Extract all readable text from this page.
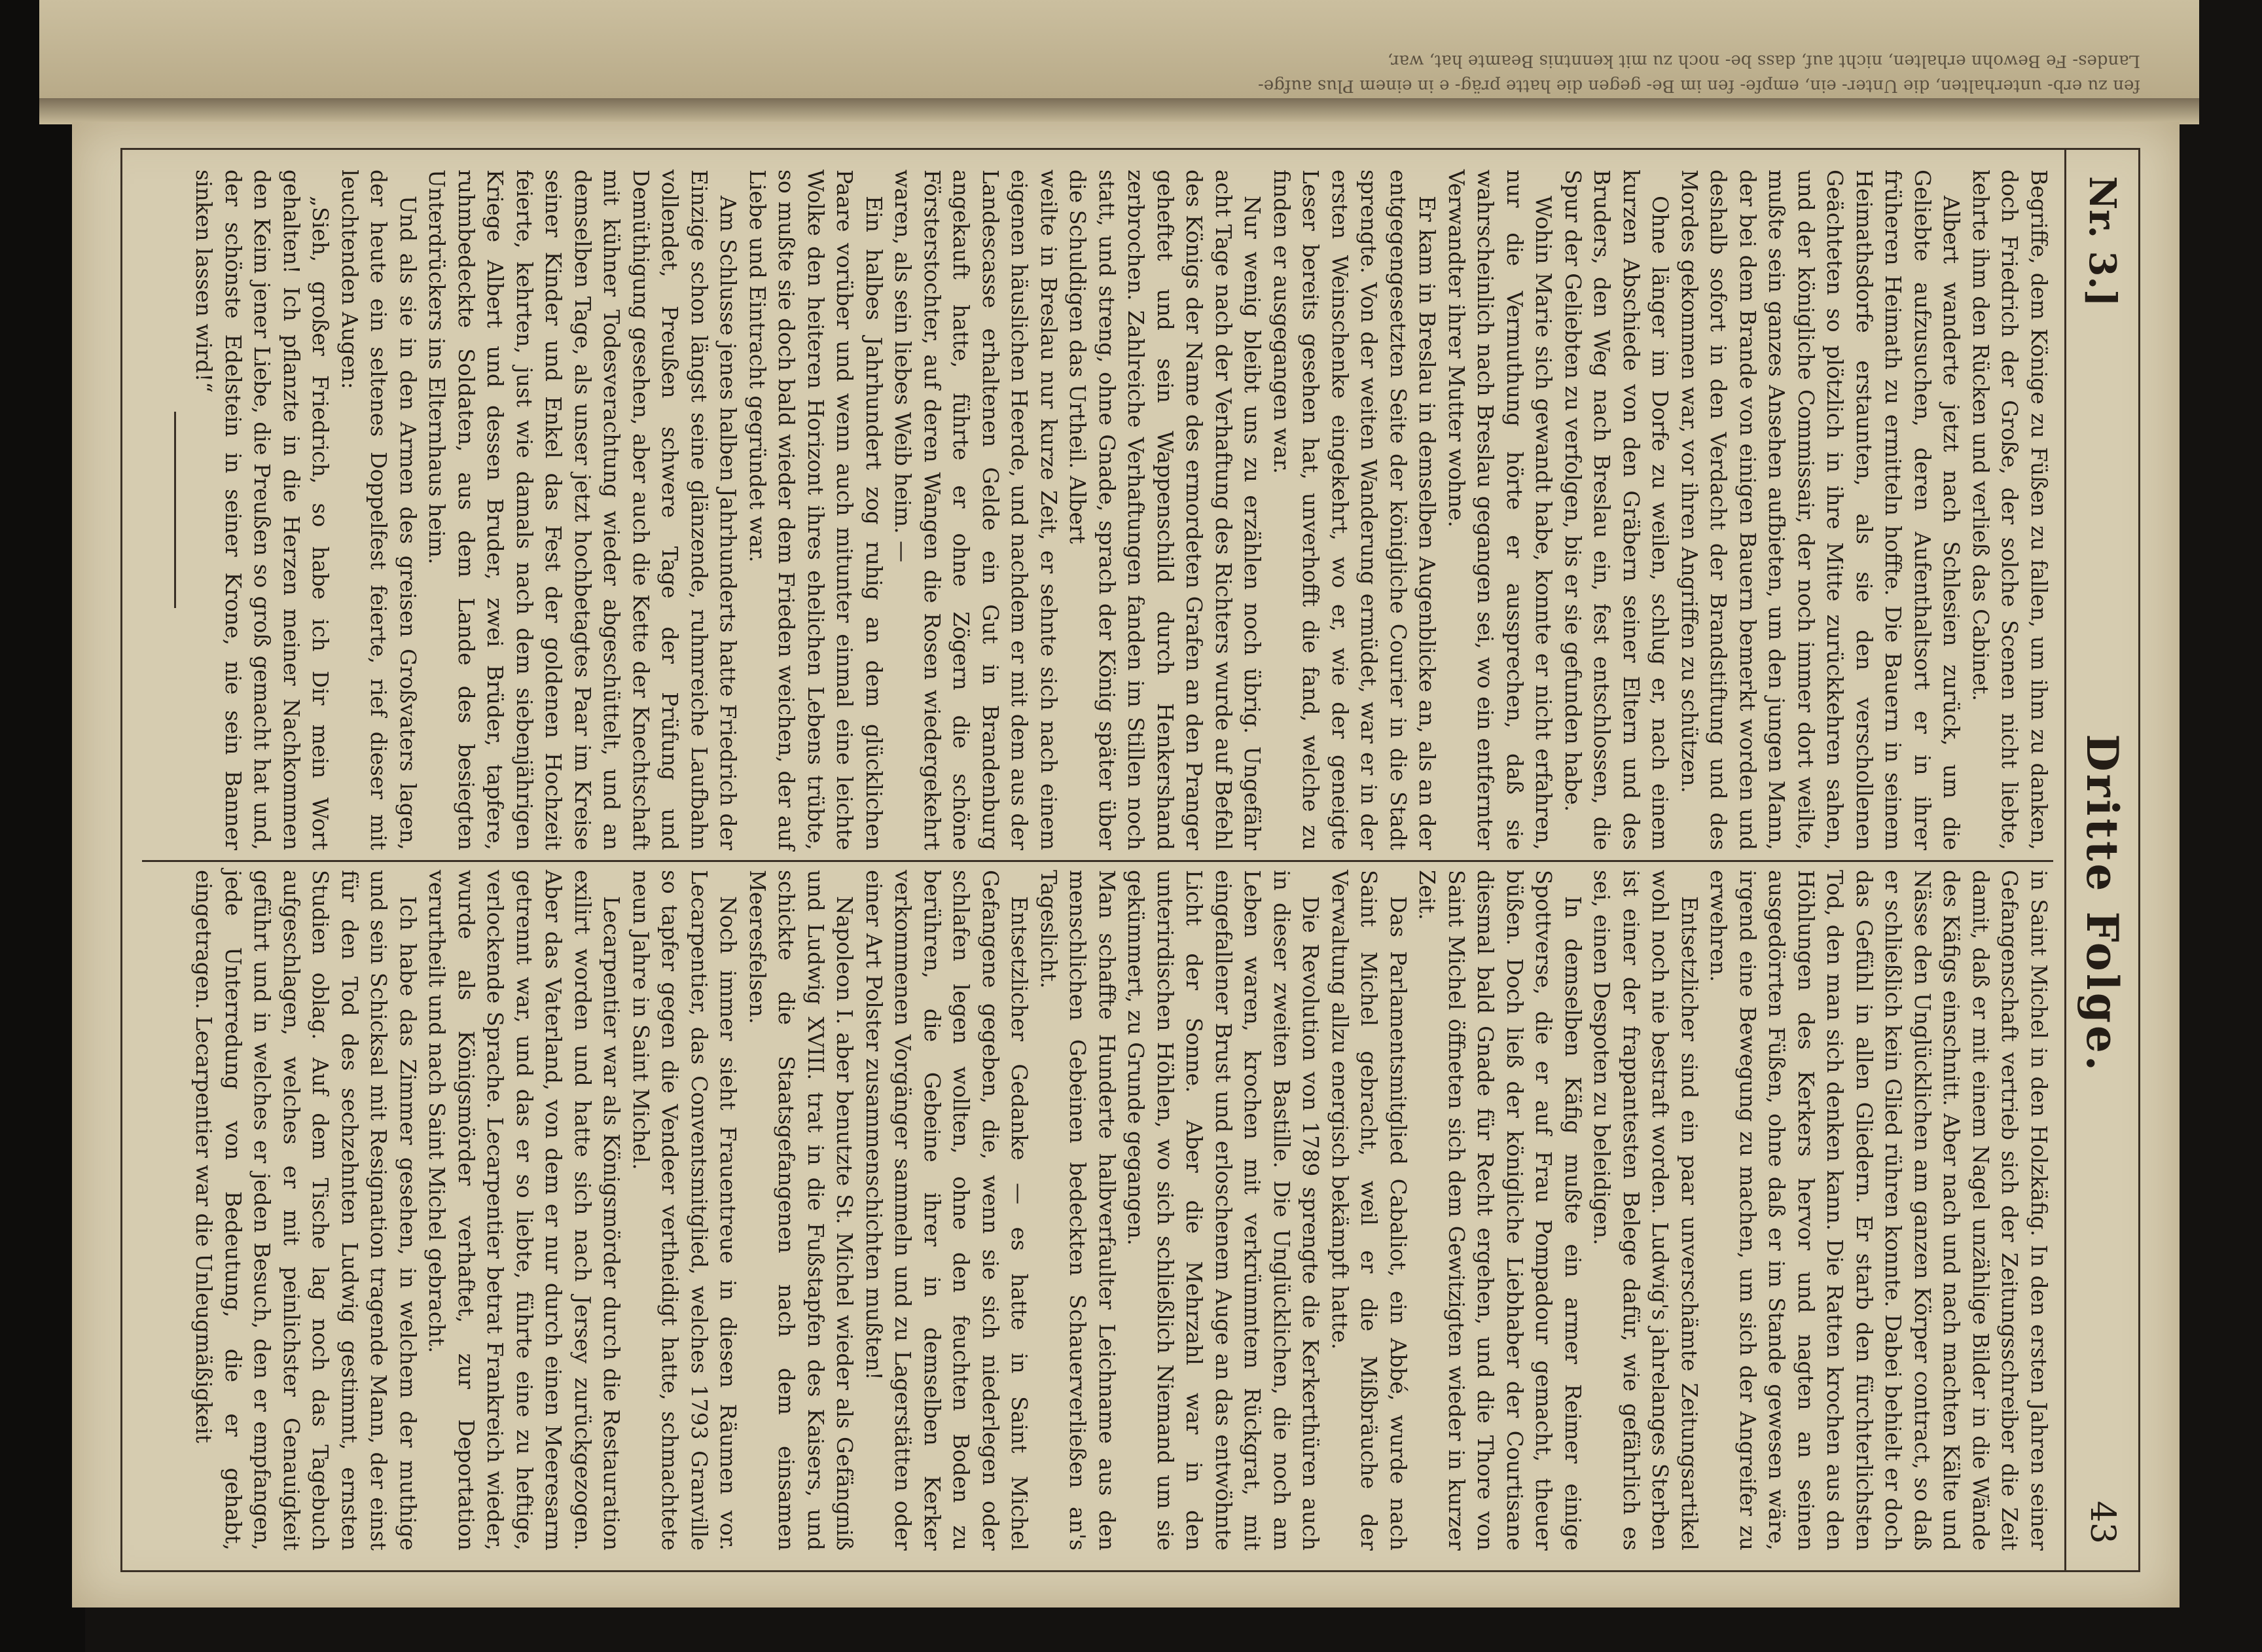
fen zu erb- unterhalten, die Unter- ein, empfe- fen im Be- gegen die hatte präg- e in einem Plus aufge-
Landes- Fe Bewohn erhalten, nicht auf, dass be- noch zu mit kenntnis Beamte hat, war,
Nr. 3.]
Dritte Folge.
43

Begriffe, dem Könige zu Füßen zu fallen, um ihm zu danken, doch Friedrich der Große, der solche Scenen nicht liebte, kehrte ihm den Rücken und verließ das Cabinet.

Albert wanderte jetzt nach Schlesien zurück, um die Geliebte aufzusuchen, deren Aufenthaltsort er in ihrer früheren Heimath zu ermitteln hoffte. Die Bauern in seinem Heimathsdorfe erstaunten, als sie den verschollenen Geächteten so plötzlich in ihre Mitte zurückkehren sahen, und der königliche Commissair, der noch immer dort weilte, mußte sein ganzes Ansehen aufbieten, um den jungen Mann, der bei dem Brande von einigen Bauern bemerkt worden und deshalb sofort in den Verdacht der Brandstiftung und des Mordes gekommen war, vor ihren Angriffen zu schützen.

Ohne länger im Dorfe zu weilen, schlug er, nach einem kurzen Abschiede von den Gräbern seiner Eltern und des Bruders, den Weg nach Breslau ein, fest entschlossen, die Spur der Geliebten zu verfolgen, bis er sie gefunden habe.

Wohin Marie sich gewandt habe, konnte er nicht erfahren, nur die Vermuthung hörte er aussprechen, daß sie wahrscheinlich nach Breslau gegangen sei, wo ein entfernter Verwandter ihrer Mutter wohne.

Er kam in Breslau in demselben Augenblicke an, als an der entgegengesetzten Seite der königliche Courier in die Stadt sprengte. Von der weiten Wanderung ermüdet, war er in der ersten Weinschenke eingekehrt, wo er, wie der geneigte Leser bereits gesehen hat, unverhofft die fand, welche zu finden er ausgegangen war.

Nur wenig bleibt uns zu erzählen noch übrig. Ungefähr acht Tage nach der Verhaftung des Richters wurde auf Befehl des Königs der Name des ermordeten Grafen an den Pranger geheftet und sein Wappenschild durch Henkershand zerbrochen. Zahlreiche Verhaftungen fanden im Stillen noch statt, und streng, ohne Gnade, sprach der König später über die Schuldigen das Urtheil. Albert

weilte in Breslau nur kurze Zeit, er sehnte sich nach einem eigenen häuslichen Heerde, und nachdem er mit dem aus der Landescasse erhaltenen Gelde ein Gut in Brandenburg angekauft hatte, führte er ohne Zögern die schöne Försterstochter, auf deren Wangen die Rosen wiedergekehrt waren, als sein liebes Weib heim. —

Ein halbes Jahrhundert zog ruhig an dem glücklichen Paare vorüber und wenn auch mitunter einmal eine leichte Wolke den heiteren Horizont ihres ehelichen Lebens trübte, so mußte sie doch bald wieder dem Frieden weichen, der auf Liebe und Eintracht gegründet war.

Am Schlusse jenes halben Jahrhunderts hatte Friedrich der Einzige schon längst seine glänzende, ruhmreiche Laufbahn vollendet, Preußen schwere Tage der Prüfung und Demüthigung gesehen, aber auch die Kette der Knechtschaft mit kühner Todesverachtung wieder abgeschüttelt, und an demselben Tage, als unser jetzt hochbetagtes Paar im Kreise seiner Kinder und Enkel das Fest der goldenen Hochzeit feierte, kehrten, just wie damals nach dem siebenjährigen Kriege Albert und dessen Bruder, zwei Brüder, tapfere, ruhmbedeckte Soldaten, aus dem Lande des besiegten Unterdrückers ins Elternhaus heim.

Und als sie in den Armen des greisen Großvaters lagen, der heute ein seltenes Doppelfest feierte, rief dieser mit leuchtenden Augen:

„Sieh, großer Friedrich, so habe ich Dir mein Wort gehalten! Ich pflanzte in die Herzen meiner Nachkommen den Keim jener Liebe, die Preußen so groß gemacht hat und, der schönste Edelstein in seiner Krone, nie sein Banner sinken lassen wird!“

in Saint Michel in den Holzkäfig. In den ersten Jahren seiner Gefangenschaft vertrieb sich der Zeitungsschreiber die Zeit damit, daß er mit einem Nagel unzählige Bilder in die Wände des Käfigs einschnitt. Aber nach und nach machten Kälte und Nässe den Unglücklichen am ganzen Körper contract, so daß er schließlich kein Glied rühren konnte. Dabei behielt er doch das Gefühl in allen Gliedern. Er starb den fürchterlichsten Tod, den man sich denken kann. Die Ratten krochen aus den Höhlungen des Kerkers hervor und nagten an seinen ausgedörrten Füßen, ohne daß er im Stande gewesen wäre, irgend eine Bewegung zu machen, um sich der Angreifer zu erwehren.

Entsetzlicher sind ein paar unverschämte Zeitungsartikel wohl noch nie bestraft worden. Ludwig's jahrelanges Sterben ist einer der frappantesten Belege dafür, wie gefährlich es sei, einen Despoten zu beleidigen.

In demselben Käfig mußte ein armer Reimer einige Spottverse, die er auf Frau Pompadour gemacht, theuer büßen. Doch ließ der königliche Liebhaber der Courtisane diesmal bald Gnade für Recht ergehen, und die Thore von Saint Michel öffneten sich dem Gewitzigten wieder in kurzer Zeit.

Das Parlamentsmitglied Cabaliot, ein Abbé, wurde nach Saint Michel gebracht, weil er die Mißbräuche der Verwaltung allzu energisch bekämpft hatte.

Die Revolution von 1789 sprengte die Kerkerthüren auch in dieser zweiten Bastille. Die Unglücklichen, die noch am Leben waren, krochen mit verkrümmtem Rückgrat, mit eingefallener Brust und erloschenem Auge an das entwöhnte Licht der Sonne. Aber die Mehrzahl war in den unterirdischen Höhlen, wo sich schließlich Niemand um sie gekümmert, zu Grunde gegangen.

Man schaffte Hunderte halbverfaulter Leichname aus den menschlichen Gebeinen bedeckten Schauerverließen an's Tageslicht.

Entsetzlicher Gedanke — es hatte in Saint Michel Gefangene gegeben, die, wenn sie sich niederlegen oder schlafen legen wollten, ohne den feuchten Boden zu berühren, die Gebeine ihrer in demselben Kerker verkommenen Vorgänger sammeln und zu Lagerstätten oder einer Art Polster zusammenschichten mußten!

Napoleon I. aber benutzte St. Michel wieder als Gefängniß und Ludwig XVIII. trat in die Fußstapfen des Kaisers, und schickte die Staatsgefangenen nach dem einsamen Meeresfelsen.

Noch immer sieht Frauentreue in diesen Räumen vor. Lecarpentier, das Conventsmitglied, welches 1793 Granville so tapfer gegen die Vendeer vertheidigt hatte, schmachtete neun Jahre in Saint Michel.

Lecarpentier war als Königsmörder durch die Restauration exilirt worden und hatte sich nach Jersey zurückgezogen. Aber das Vaterland, von dem er nur durch einen Meeresarm getrennt war, und das er so liebte, führte eine zu heftige, verlockende Sprache. Lecarpentier betrat Frankreich wieder, wurde als Königsmörder verhaftet, zur Deportation verurtheilt und nach Saint Michel gebracht.

Ich habe das Zimmer gesehen, in welchem der muthige und sein Schicksal mit Resignation tragende Mann, der einst für den Tod des sechzehnten Ludwig gestimmt, ernsten Studien oblag. Auf dem Tische lag noch das Tagebuch aufgeschlagen, welches er mit peinlichster Genauigkeit geführt und in welches er jeden Besuch, den er empfangen, jede Unterredung von Bedeutung, die er gehabt, eingetragen. Lecarpentier war die Unleugmäßigkeit
